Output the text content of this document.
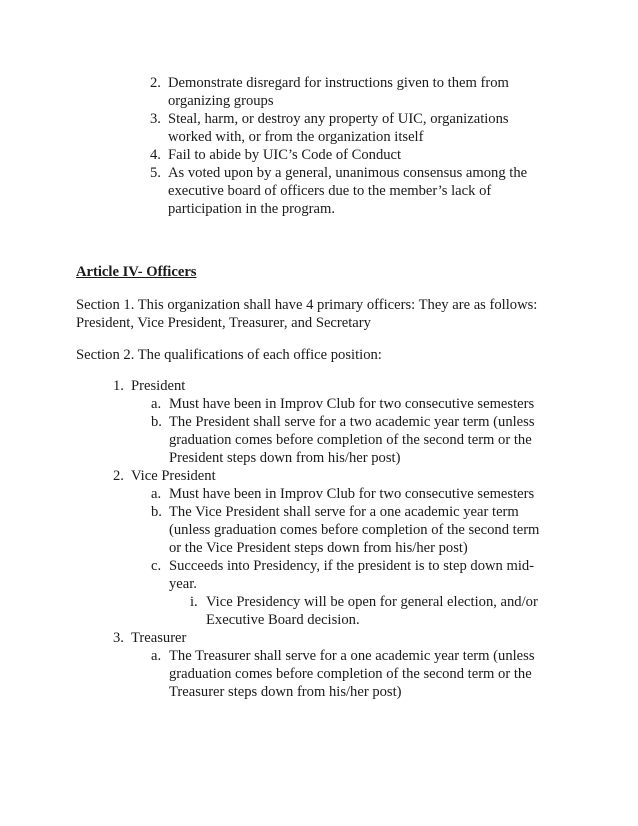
2. Demonstrate disregard for instructions given to them from
organizing groups
3. Steal, harm, or destroy any property of UIC, organizations
worked with, or from the organization itself
4. Fail to abide by UIC’s Code of Conduct
5. As voted upon by a general, unanimous consensus among the
executive board of officers due to the member’s lack of
participation in the program.
Article IV- Officers
Section 1. This organization shall have 4 primary officers: They are as follows:
President, Vice President, Treasurer, and Secretary
Section 2. The qualifications of each office position:
1. President
a. Must have been in Improv Club for two consecutive semesters
b. The President shall serve for a two academic year term (unless
graduation comes before completion of the second term or the
President steps down from his/her post)
2. Vice President
a. Must have been in Improv Club for two consecutive semesters
b. The Vice President shall serve for a one academic year term
(unless graduation comes before completion of the second term
or the Vice President steps down from his/her post)
c. Succeeds into Presidency, if the president is to step down mid-
year.
i. Vice Presidency will be open for general election, and/or
Executive Board decision.
3. Treasurer
a. The Treasurer shall serve for a one academic year term (unless
graduation comes before completion of the second term or the
Treasurer steps down from his/her post)
